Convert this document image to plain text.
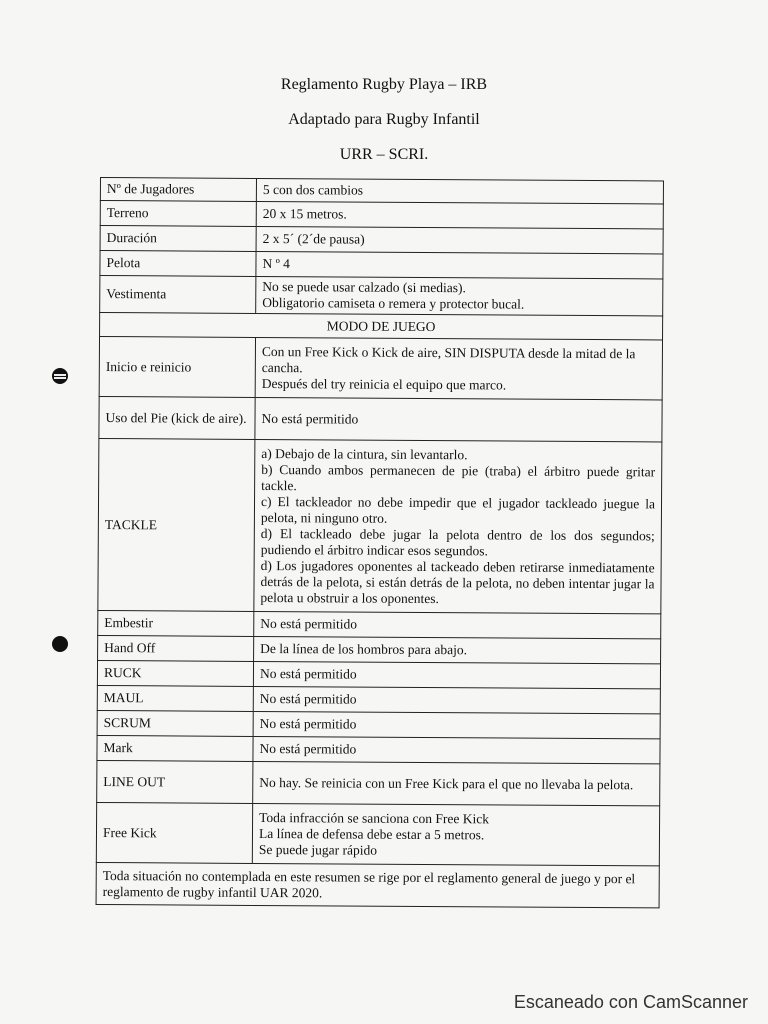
Reglamento Rugby Playa – IRB
Adaptado para Rugby Infantil
URR – SCRI.
Nº de Jugadores	5 con dos cambios
Terreno	20 x 15 metros.
Duración	2 x 5´ (2´de pausa)
Pelota	N º 4
Vestimenta	No se puede usar calzado (si medias).
Obligatorio camiseta o remera y protector bucal.

MODO DE JUEGO	
Inicio e reinicio	Con un Free Kick o Kick de aire, SIN DISPUTA desde la mitad de la cancha.
Después del try reinicia el equipo que marco.

Uso del Pie (kick de aire).	No está permitido
TACKLE	a) Debajo de la cintura, sin levantarlo.
b) Cuando ambos permanecen de pie (traba) el árbitro puede gritar tackle.
c) El tackleador no debe impedir que el jugador tackleado juegue la pelota, ni ninguno otro.
d) El tackleado debe jugar la pelota dentro de los dos segundos; pudiendo el árbitro indicar esos segundos.
d) Los jugadores oponentes al tackeado deben retirarse inmediatamente detrás de la pelota, si están detrás de la pelota, no deben intentar jugar la pelota u obstruir a los oponentes.

Embestir	No está permitido
Hand Off	De la línea de los hombros para abajo.
RUCK	No está permitido
MAUL	No está permitido
SCRUM	No está permitido
Mark	No está permitido
LINE OUT	No hay. Se reinicia con un Free Kick para el que no llevaba la pelota.
Free Kick	Toda infracción se sanciona con Free Kick
La línea de defensa debe estar a 5 metros.
Se puede jugar rápido

Toda situación no contemplada en este resumen se rige por el reglamento general de juego y por el reglamento de rugby infantil UAR 2020.	
Escaneado con CamScanner
